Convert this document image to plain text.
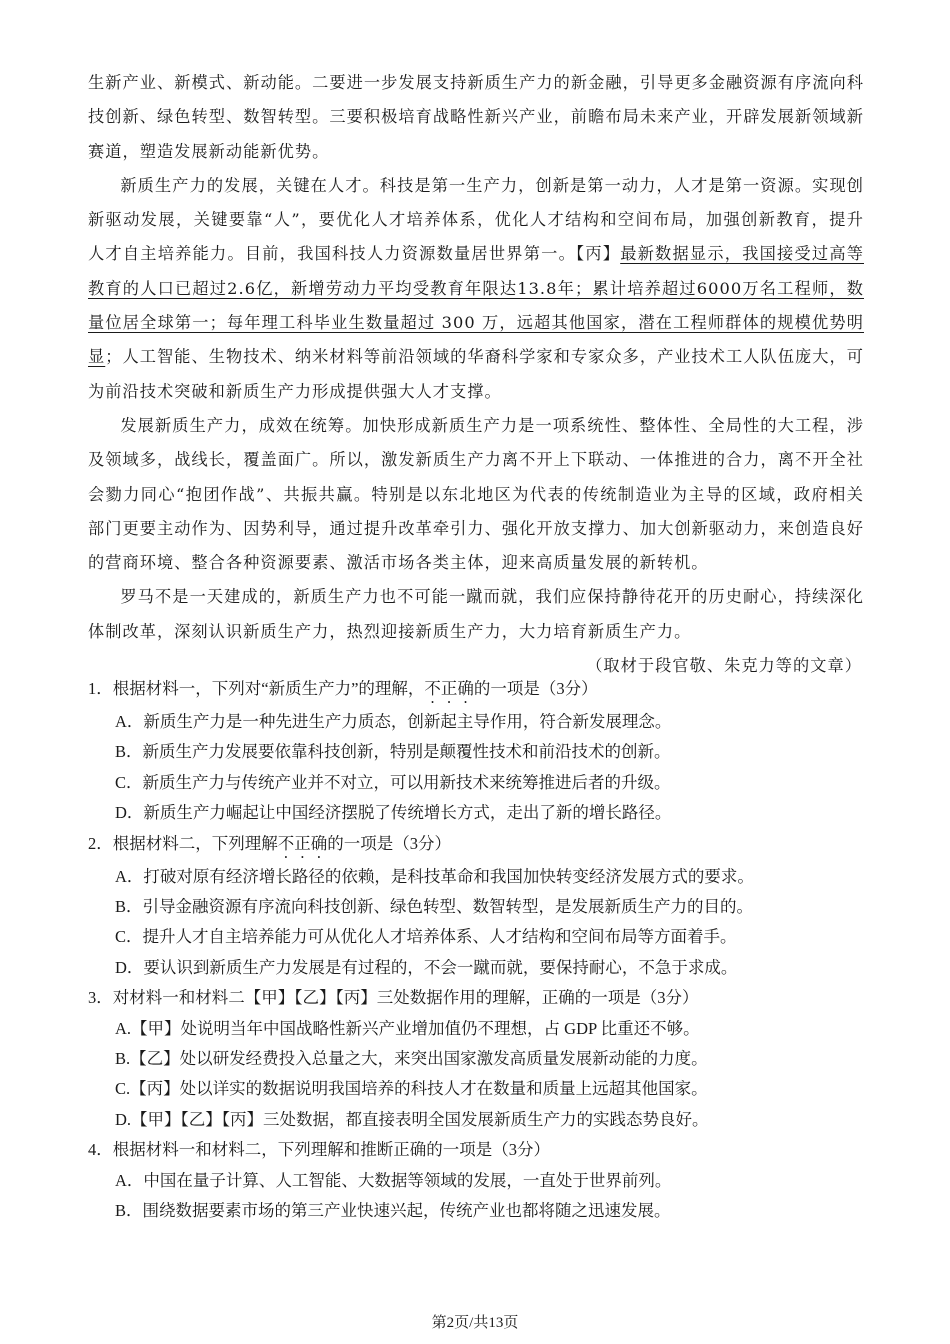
生新产业、新模式、新动能。二要进一步发展支持新质生产力的新金融，引导更多金融资源有序流向科技创新、绿色转型、数智转型。三要积极培育战略性新兴产业，前瞻布局未来产业，开辟发展新领域新赛道，塑造发展新动能新优势。

新质生产力的发展，关键在人才。科技是第一生产力，创新是第一动力，人才是第一资源。实现创新驱动发展，关键要靠“人”，要优化人才培养体系，优化人才结构和空间布局，加强创新教育，提升人才自主培养能力。目前，我国科技人力资源数量居世界第一。【丙】最新数据显示，我国接受过高等教育的人口已超过2.6亿，新增劳动力平均受教育年限达13.8年；累计培养超过6000万名工程师，数量位居全球第一；每年理工科毕业生数量超过 300 万，远超其他国家，潜在工程师群体的规模优势明显；人工智能、生物技术、纳米材料等前沿领域的华裔科学家和专家众多，产业技术工人队伍庞大，可为前沿技术突破和新质生产力形成提供强大人才支撑。

发展新质生产力，成效在统筹。加快形成新质生产力是一项系统性、整体性、全局性的大工程，涉及领域多，战线长，覆盖面广。所以，激发新质生产力离不开上下联动、一体推进的合力，离不开全社会勠力同心“抱团作战”、共振共赢。特别是以东北地区为代表的传统制造业为主导的区域，政府相关部门更要主动作为、因势利导，通过提升改革牵引力、强化开放支撑力、加大创新驱动力，来创造良好的营商环境、整合各种资源要素、激活市场各类主体，迎来高质量发展的新转机。

罗马不是一天建成的，新质生产力也不可能一蹴而就，我们应保持静待花开的历史耐心，持续深化体制改革，深刻认识新质生产力，热烈迎接新质生产力，大力培育新质生产力。

（取材于段官敬、朱克力等的文章）

1．根据材料一，下列对“新质生产力”的理解，不正确的一项是（3分）

A．新质生产力是一种先进生产力质态，创新起主导作用，符合新发展理念。

B．新质生产力发展要依靠科技创新，特别是颠覆性技术和前沿技术的创新。

C．新质生产力与传统产业并不对立，可以用新技术来统筹推进后者的升级。

D．新质生产力崛起让中国经济摆脱了传统增长方式，走出了新的增长路径。

2．根据材料二，下列理解不正确的一项是（3分）

A．打破对原有经济增长路径的依赖，是科技革命和我国加快转变经济发展方式的要求。

B．引导金融资源有序流向科技创新、绿色转型、数智转型，是发展新质生产力的目的。

C．提升人才自主培养能力可从优化人才培养体系、人才结构和空间布局等方面着手。

D．要认识到新质生产力发展是有过程的，不会一蹴而就，要保持耐心，不急于求成。

3．对材料一和材料二【甲】【乙】【丙】三处数据作用的理解，正确的一项是（3分）

A.【甲】处说明当年中国战略性新兴产业增加值仍不理想，占 GDP 比重还不够。

B.【乙】处以研发经费投入总量之大，来突出国家激发高质量发展新动能的力度。

C.【丙】处以详实的数据说明我国培养的科技人才在数量和质量上远超其他国家。

D.【甲】【乙】【丙】三处数据，都直接表明全国发展新质生产力的实践态势良好。

4．根据材料一和材料二，下列理解和推断正确的一项是（3分）

A．中国在量子计算、人工智能、大数据等领域的发展，一直处于世界前列。

B．围绕数据要素市场的第三产业快速兴起，传统产业也都将随之迅速发展。

第2页/共13页
